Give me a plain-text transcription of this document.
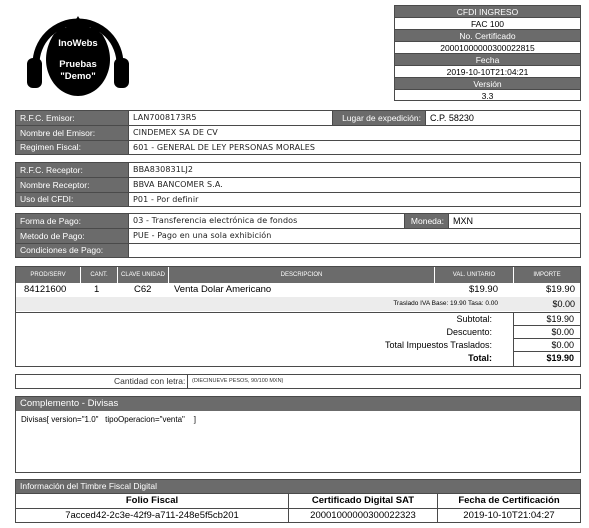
InoWebs
Pruebas
"Demo"
CFDI INGRESO
FAC 100
No. Certificado
20001000000300022815
Fecha
2019-10-10T21:04:21
Versión
3.3
R.F.C. Emisor:	LAN7008173R5	Lugar de expedición:	C.P. 58230
Nombre del Emisor:	CINDEMEX SA DE CV
Regimen Fiscal:	601 - GENERAL DE LEY PERSONAS MORALES
R.F.C. Receptor:	BBA830831LJ2
Nombre Receptor:	BBVA BANCOMER S.A.
Uso del CFDI:	P01 - Por definir
Forma de Pago:	03 - Transferencia electrónica de fondos	Moneda:	MXN
Metodo de Pago:	PUE - Pago en una sola exhibición
Condiciones de Pago:
PROD/SERV	CANT.	CLAVE UNIDAD	DESCRIPCION	VAL. UNITARIO	IMPORTE
84121600	1	C62 Venta Dolar Americano	$19.90	$19.90
Traslado IVA Base: 19.90 Tasa: 0.00	$0.00
Subtotal:	$19.90
Descuento:	$0.00
Total Impuestos Traslados:	$0.00
Total:	$19.90
Cantidad con letra: (DIECINUEVE PESOS, 90/100 MXN)
Complemento - Divisas
Divisas[ version="1.0"   tipoOperacion="venta"    ]
Información del Timbre Fiscal Digital
Folio Fiscal	Certificado Digital SAT	Fecha de Certificación
7acced42-2c3e-42f9-a711-248e5f5cb201	20001000000300022323	2019-10-10T21:04:27
